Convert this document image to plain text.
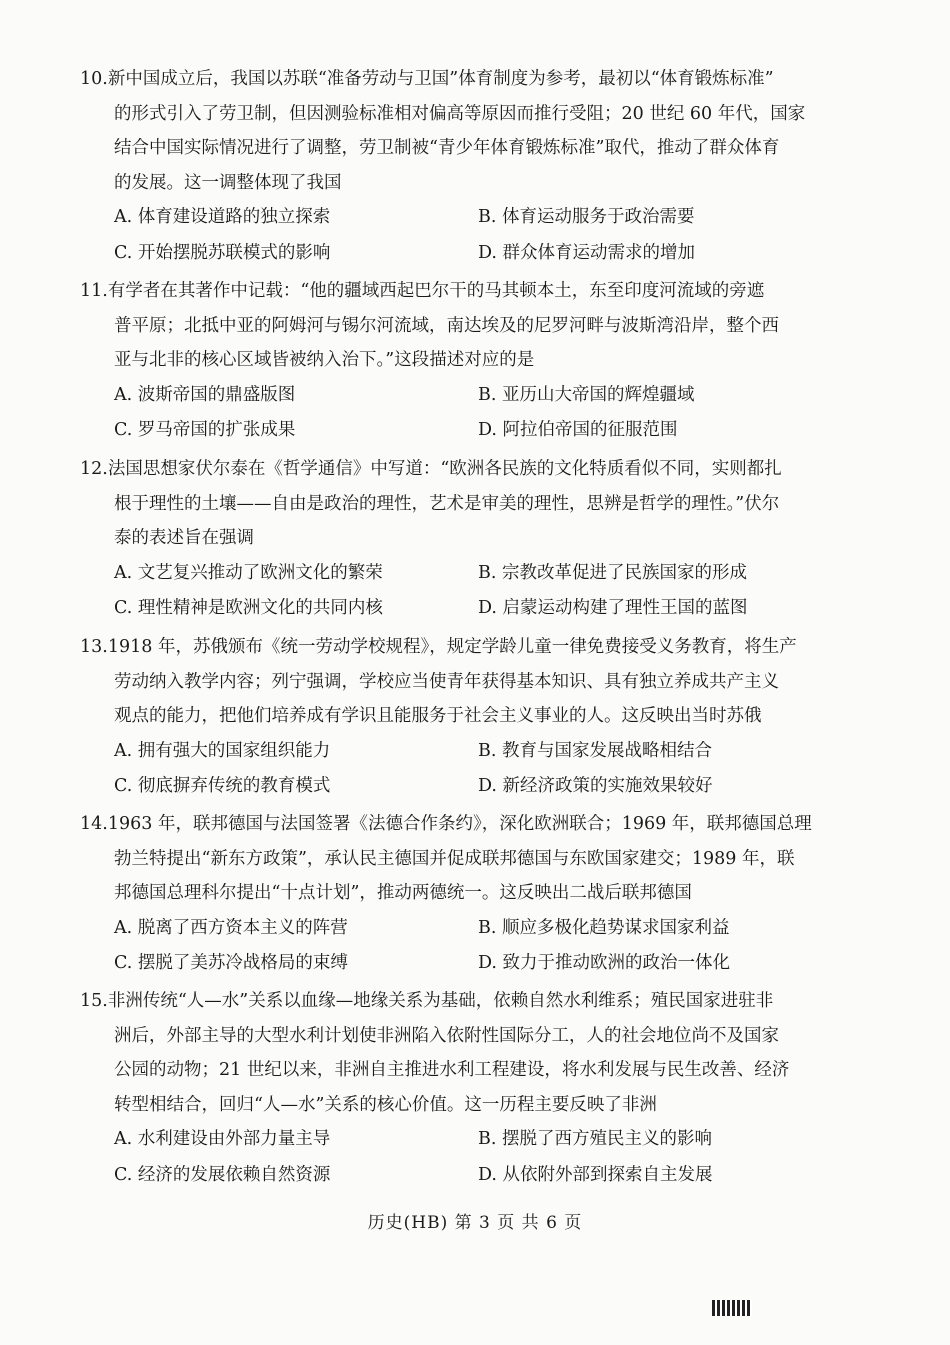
10.新中国成立后，我国以苏联“准备劳动与卫国”体育制度为参考，最初以“体育锻炼标准”
的形式引入了劳卫制，但因测验标准相对偏高等原因而推行受阻；20 世纪 60 年代，国家
结合中国实际情况进行了调整，劳卫制被“青少年体育锻炼标准”取代，推动了群众体育
的发展。这一调整体现了我国
A. 体育建设道路的独立探索	B. 体育运动服务于政治需要
C. 开始摆脱苏联模式的影响	D. 群众体育运动需求的增加
11.有学者在其著作中记载：“他的疆域西起巴尔干的马其顿本土，东至印度河流域的旁遮
普平原；北抵中亚的阿姆河与锡尔河流域，南达埃及的尼罗河畔与波斯湾沿岸，整个西
亚与北非的核心区域皆被纳入治下。”这段描述对应的是
A. 波斯帝国的鼎盛版图	B. 亚历山大帝国的辉煌疆域
C. 罗马帝国的扩张成果	D. 阿拉伯帝国的征服范围
12.法国思想家伏尔泰在《哲学通信》中写道：“欧洲各民族的文化特质看似不同，实则都扎
根于理性的土壤——自由是政治的理性，艺术是审美的理性，思辨是哲学的理性。”伏尔
泰的表述旨在强调
A. 文艺复兴推动了欧洲文化的繁荣	B. 宗教改革促进了民族国家的形成
C. 理性精神是欧洲文化的共同内核	D. 启蒙运动构建了理性王国的蓝图
13.1918 年，苏俄颁布《统一劳动学校规程》，规定学龄儿童一律免费接受义务教育，将生产
劳动纳入教学内容；列宁强调，学校应当使青年获得基本知识、具有独立养成共产主义
观点的能力，把他们培养成有学识且能服务于社会主义事业的人。这反映出当时苏俄
A. 拥有强大的国家组织能力	B. 教育与国家发展战略相结合
C. 彻底摒弃传统的教育模式	D. 新经济政策的实施效果较好
14.1963 年，联邦德国与法国签署《法德合作条约》，深化欧洲联合；1969 年，联邦德国总理
勃兰特提出“新东方政策”，承认民主德国并促成联邦德国与东欧国家建交；1989 年，联
邦德国总理科尔提出“十点计划”，推动两德统一。这反映出二战后联邦德国
A. 脱离了西方资本主义的阵营	B. 顺应多极化趋势谋求国家利益
C. 摆脱了美苏冷战格局的束缚	D. 致力于推动欧洲的政治一体化
15.非洲传统“人—水”关系以血缘—地缘关系为基础，依赖自然水利维系；殖民国家进驻非
洲后，外部主导的大型水利计划使非洲陷入依附性国际分工，人的社会地位尚不及国家
公园的动物；21 世纪以来，非洲自主推进水利工程建设，将水利发展与民生改善、经济
转型相结合，回归“人—水”关系的核心价值。这一历程主要反映了非洲
A. 水利建设由外部力量主导	B. 摆脱了西方殖民主义的影响
C. 经济的发展依赖自然资源	D. 从依附外部到探索自主发展
历史(HB) 第 3 页 共 6 页
